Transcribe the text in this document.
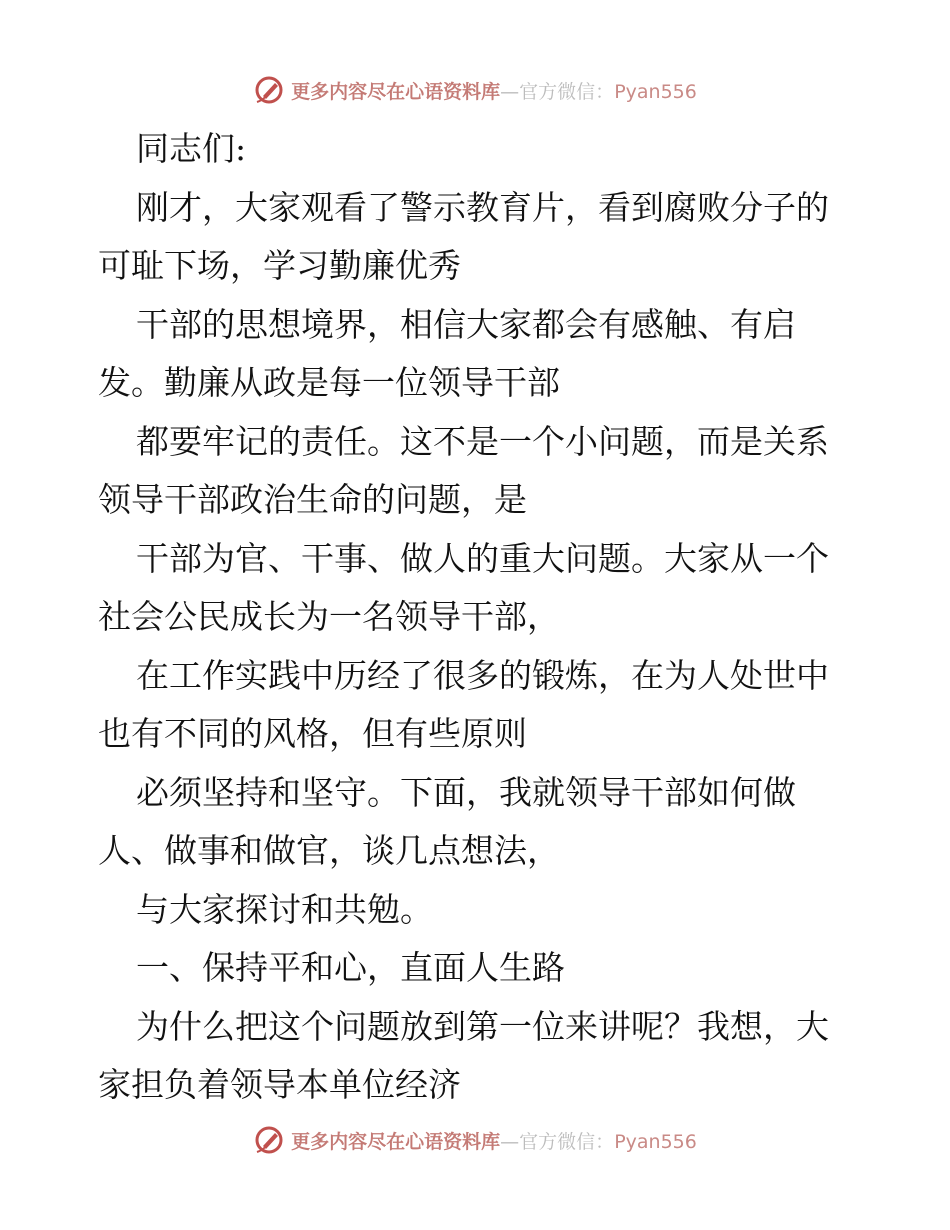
更多内容尽在心语资料库—官方微信：Pyan556
同志们:
刚才，大家观看了警示教育片，看到腐败分子的
可耻下场，学习勤廉优秀
干部的思想境界，相信大家都会有感触、有启
发。勤廉从政是每一位领导干部
都要牢记的责任。这不是一个小问题，而是关系
领导干部政治生命的问题，是
干部为官、干事、做人的重大问题。大家从一个
社会公民成长为一名领导干部，
在工作实践中历经了很多的锻炼，在为人处世中
也有不同的风格，但有些原则
必须坚持和坚守。下面，我就领导干部如何做
人、做事和做官，谈几点想法，
与大家探讨和共勉。
一、保持平和心，直面人生路
为什么把这个问题放到第一位来讲呢？我想，大
家担负着领导本单位经济
更多内容尽在心语资料库—官方微信：Pyan556
